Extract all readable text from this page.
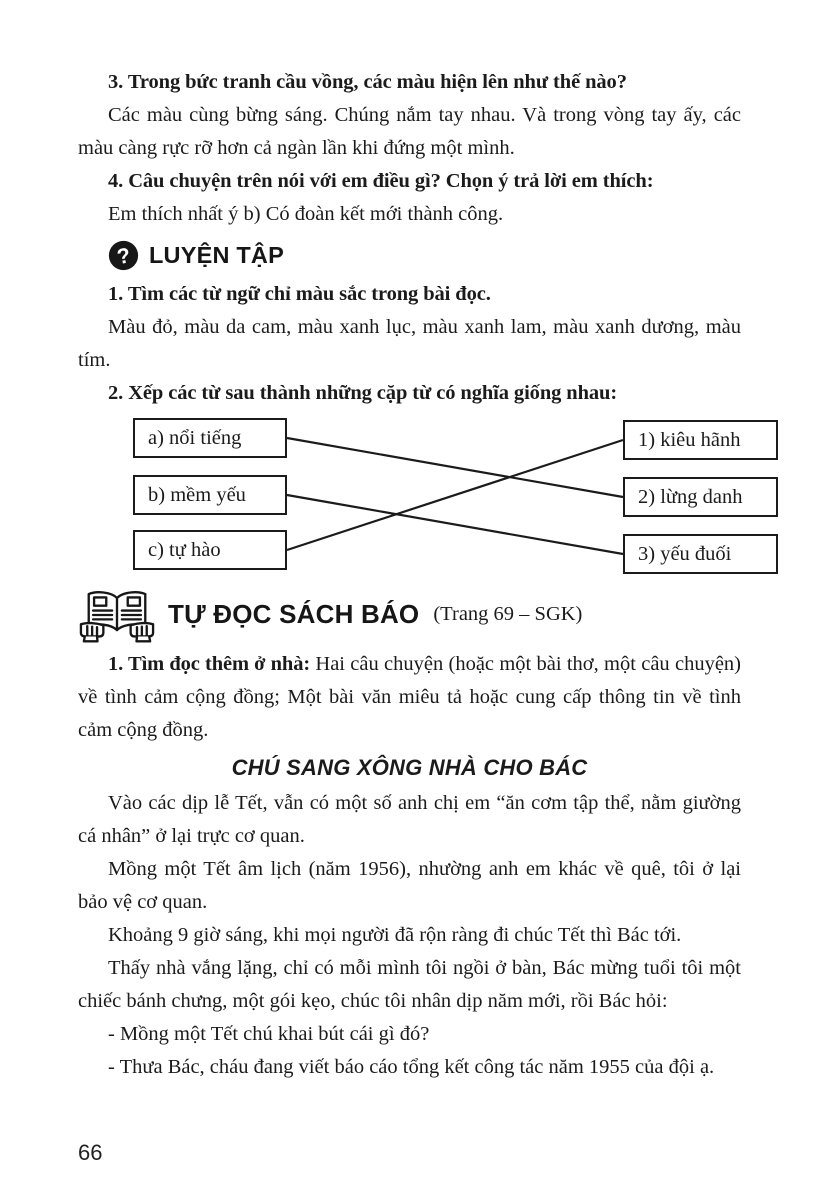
3. Trong bức tranh cầu vồng, các màu hiện lên như thế nào?

Các màu cùng bừng sáng. Chúng nắm tay nhau. Và trong vòng tay ấy, các màu càng rực rỡ hơn cả ngàn lần khi đứng một mình.

4. Câu chuyện trên nói với em điều gì? Chọn ý trả lời em thích:

Em thích nhất ý b) Có đoàn kết mới thành công.

? LUYỆN TẬP

1. Tìm các từ ngữ chỉ màu sắc trong bài đọc.

Màu đỏ, màu da cam, màu xanh lục, màu xanh lam, màu xanh dương, màu tím.

2. Xếp các từ sau thành những cặp từ có nghĩa giống nhau:

a) nổi tiếng
b) mềm yếu
c) tự hào
1) kiêu hãnh
2) lừng danh
3) yếu đuối
TỰ ĐỌC SÁCH BÁO (Trang 69 – SGK)

1. Tìm đọc thêm ở nhà: Hai câu chuyện (hoặc một bài thơ, một câu chuyện) về tình cảm cộng đồng; Một bài văn miêu tả hoặc cung cấp thông tin về tình cảm cộng đồng.

CHÚ SANG XÔNG NHÀ CHO BÁC

Vào các dịp lễ Tết, vẫn có một số anh chị em “ăn cơm tập thể, nằm giường cá nhân” ở lại trực cơ quan.

Mồng một Tết âm lịch (năm 1956), nhường anh em khác về quê, tôi ở lại bảo vệ cơ quan.

Khoảng 9 giờ sáng, khi mọi người đã rộn ràng đi chúc Tết thì Bác tới.

Thấy nhà vắng lặng, chỉ có mỗi mình tôi ngồi ở bàn, Bác mừng tuổi tôi một chiếc bánh chưng, một gói kẹo, chúc tôi nhân dịp năm mới, rồi Bác hỏi:

- Mồng một Tết chú khai bút cái gì đó?

- Thưa Bác, cháu đang viết báo cáo tổng kết công tác năm 1955 của đội ạ.

66
